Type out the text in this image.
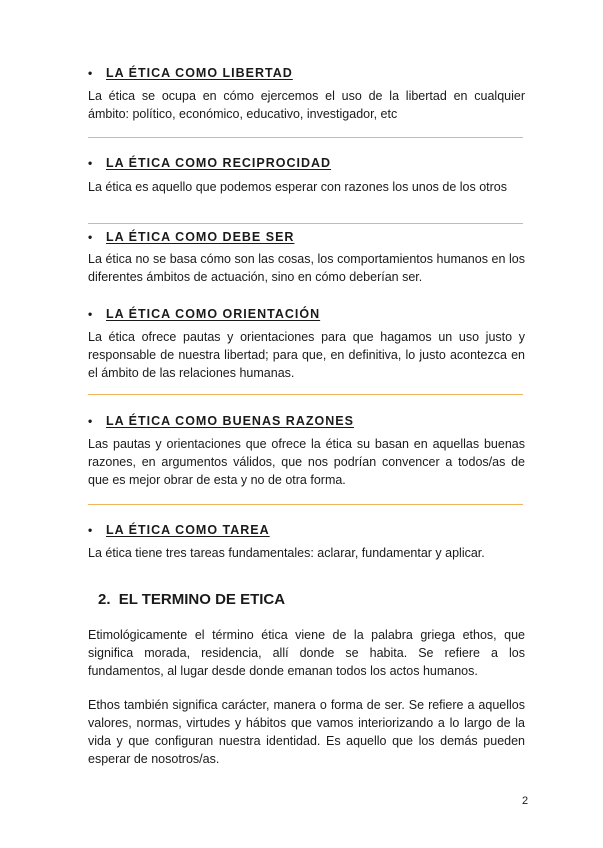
• LA ÉTICA COMO LIBERTAD

La ética se ocupa en cómo ejercemos el uso de la libertad en cualquier ámbito: político, económico, educativo, investigador, etc

• LA ÉTICA COMO RECIPROCIDAD

La ética es aquello que podemos esperar con razones los unos de los otros

• LA ÉTICA COMO DEBE SER

La ética no se basa cómo son las cosas, los comportamientos humanos en los diferentes ámbitos de actuación, sino en cómo deberían ser.

• LA ÉTICA COMO ORIENTACIÓN

La ética ofrece pautas y orientaciones para que hagamos un uso justo y responsable de nuestra libertad; para que, en definitiva, lo justo acontezca en el ámbito de las relaciones humanas.

• LA ÉTICA COMO BUENAS RAZONES

Las pautas y orientaciones que ofrece la ética su basan en aquellas buenas razones, en argumentos válidos, que nos podrían convencer a todos/as de que es mejor obrar de esta y no de otra forma.

• LA ÉTICA COMO TAREA

La ética tiene tres tareas fundamentales: aclarar, fundamentar y aplicar.

2. EL TERMINO DE ETICA

Etimológicamente el término ética viene de la palabra griega ethos, que significa morada, residencia, allí donde se habita. Se refiere a los fundamentos, al lugar desde donde emanan todos los actos humanos.

Ethos también significa carácter, manera o forma de ser. Se refiere a aquellos valores, normas, virtudes y hábitos que vamos interiorizando a lo largo de la vida y que configuran nuestra identidad. Es aquello que los demás pueden esperar de nosotros/as.

2
